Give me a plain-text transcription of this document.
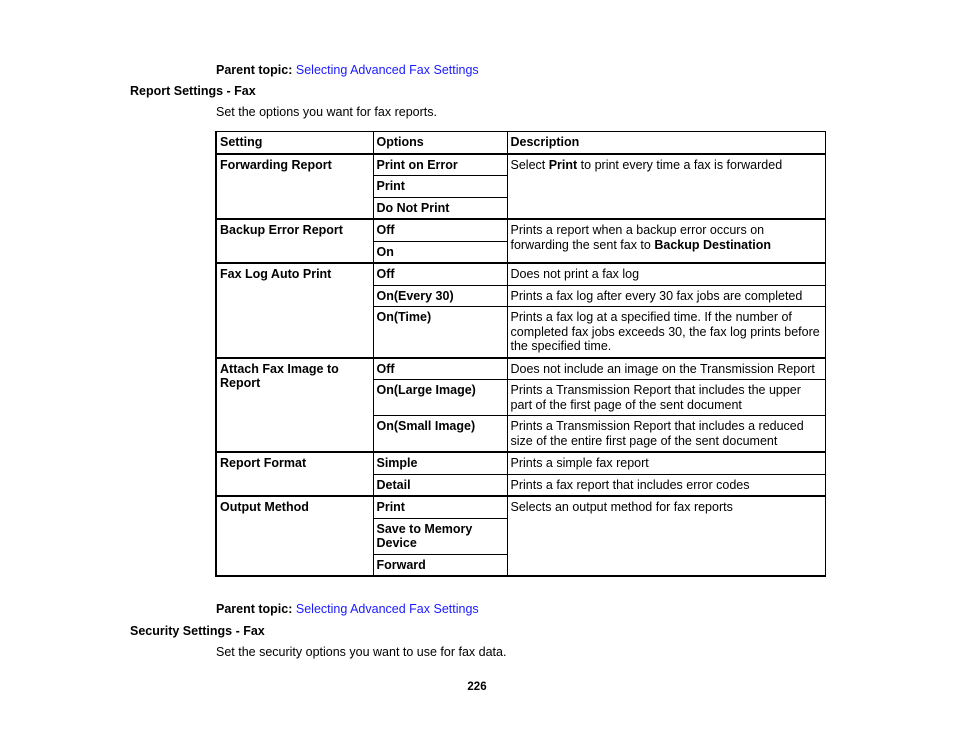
Parent topic: Selecting Advanced Fax Settings
Report Settings - Fax
Set the options you want for fax reports.
Setting	Options	Description
Forwarding Report	Print on Error	Select Print to print every time a fax is forwarded
	Print	
	Do Not Print	
Backup Error Report	Off	Prints a report when a backup error occurs on forwarding the sent fax to Backup Destination
	On	
Fax Log Auto Print	Off	Does not print a fax log
	On(Every 30)	Prints a fax log after every 30 fax jobs are completed
	On(Time)	Prints a fax log at a specified time. If the number of completed fax jobs exceeds 30, the fax log prints before the specified time.
Attach Fax Image to Report	Off	Does not include an image on the Transmission Report
	On(Large Image)	Prints a Transmission Report that includes the upper part of the first page of the sent document
	On(Small Image)	Prints a Transmission Report that includes a reduced size of the entire first page of the sent document
Report Format	Simple	Prints a simple fax report
	Detail	Prints a fax report that includes error codes
Output Method	Print	Selects an output method for fax reports
	Save to Memory Device	
	Forward	
Parent topic: Selecting Advanced Fax Settings
Security Settings - Fax
Set the security options you want to use for fax data.
226
